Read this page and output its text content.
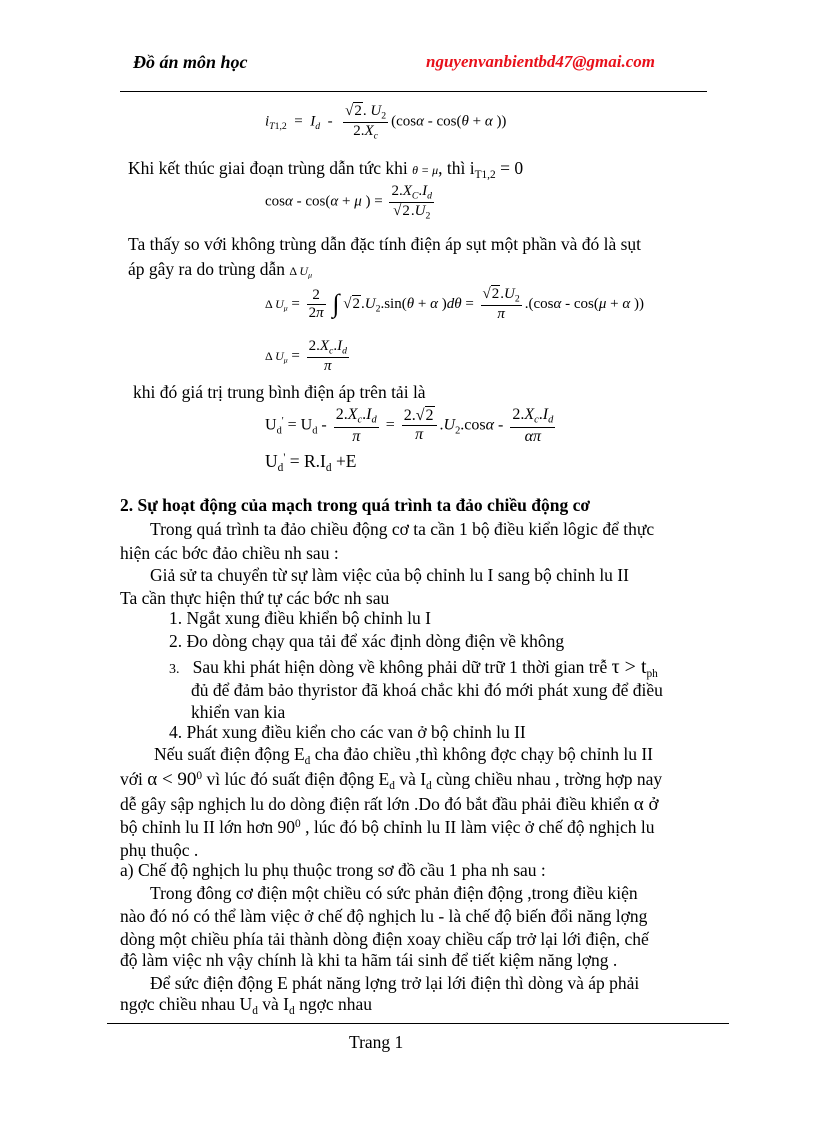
Đồ án môn học	nguyenvanbientbd47@gmai.com
$i_{T1,2} = I_d - \frac{√2. U_2}{2.X_c} (\cos\alpha - \cos(\theta + \alpha$ ))
Khi kết thúc giai đoạn trùng dẫn tức khi θ = μ, thì $i_{T1,2} = 0$
cosα - cos(α + μ ) = $\frac{2.X_C.I_d}{√2.U_2}$
Ta thấy so với không trùng dẫn đặc tính điện áp sụt một phần và đó là sụt
áp gây ra do trùng dẫn Δ $U_\mu$
Δ $U_\mu = \frac{2}{2\pi}$ ∫ $√2.U_2.\sin(\theta + \alpha$ )$d\theta = \frac{√2.U_2}{\pi} .(\cos\alpha - \cos(\mu + \alpha$ ))
Δ $U_\mu = \frac{2.X_c.I_d}{\pi}$
khi đó giá trị trung bình điện áp trên tải là
$U_d' = U_d - \frac{2.X_c.I_d}{\pi} = \frac{2.√2}{\pi} .U_2.\cos\alpha - \frac{2.X_c.I_d}{\alpha\pi}$
$U_d' = R.I_d +E$
2. Sự hoạt động của mạch trong quá trình ta đảo chiều động cơ
Trong quá trình ta đảo chiều động cơ ta cần 1 bộ điều kiển lôgic để thực
hiện các bớc đảo chiều nh sau :
Giả sử ta chuyển từ sự làm việc của bộ chỉnh lu I sang bộ chỉnh lu II
Ta cần thực hiện thứ tự các bớc nh sau
1. Ngắt xung điều khiển bộ chỉnh lu I
2. Đo dòng chạy qua tải để xác định dòng điện về không
3. Sau khi phát hiện dòng về không phải dữ trữ 1 thời gian trễ $\tau > t_{ph}$
đủ để đảm bảo thyristor đã khoá chắc khi đó mới phát xung để điều
khiển van kia
4. Phát xung điều kiển cho các van ở bộ chỉnh lu II
Nếu suất điện động $E_d$ cha đảo chiều ,thì không đợc chạy bộ chỉnh lu II
với $\alpha < 90^0$ vì lúc đó suất điện động $E_d$ và $I_d$ cùng chiều nhau , trờng hợp nay
dễ gây sập nghịch lu do dòng điện rất lớn .Do đó bắt đầu phải điều khiển α ở
bộ chỉnh lu II lớn hơn $90^0$ , lúc đó bộ chỉnh lu II làm việc ở chế độ nghịch lu
phụ thuộc .
a) Chế độ nghịch lu phụ thuộc trong sơ đồ cầu 1 pha nh sau :
Trong đông cơ điện một chiều có sức phản điện động ,trong điều kiện
nào đó nó có thể làm việc ở chế độ nghịch lu - là chế độ biến đổi năng lợng
dòng một chiều phía tải thành dòng điện xoay chiều cấp trở lại lới điện, chế
độ làm việc nh vậy chính là khi ta hãm tái sinh để tiết kiệm năng lợng .
Để sức điện động E phát năng lợng trở lại lới điện thì dòng và áp phải
ngợc chiều nhau $U_d$ và $I_d$ ngợc nhau
Trang 1
